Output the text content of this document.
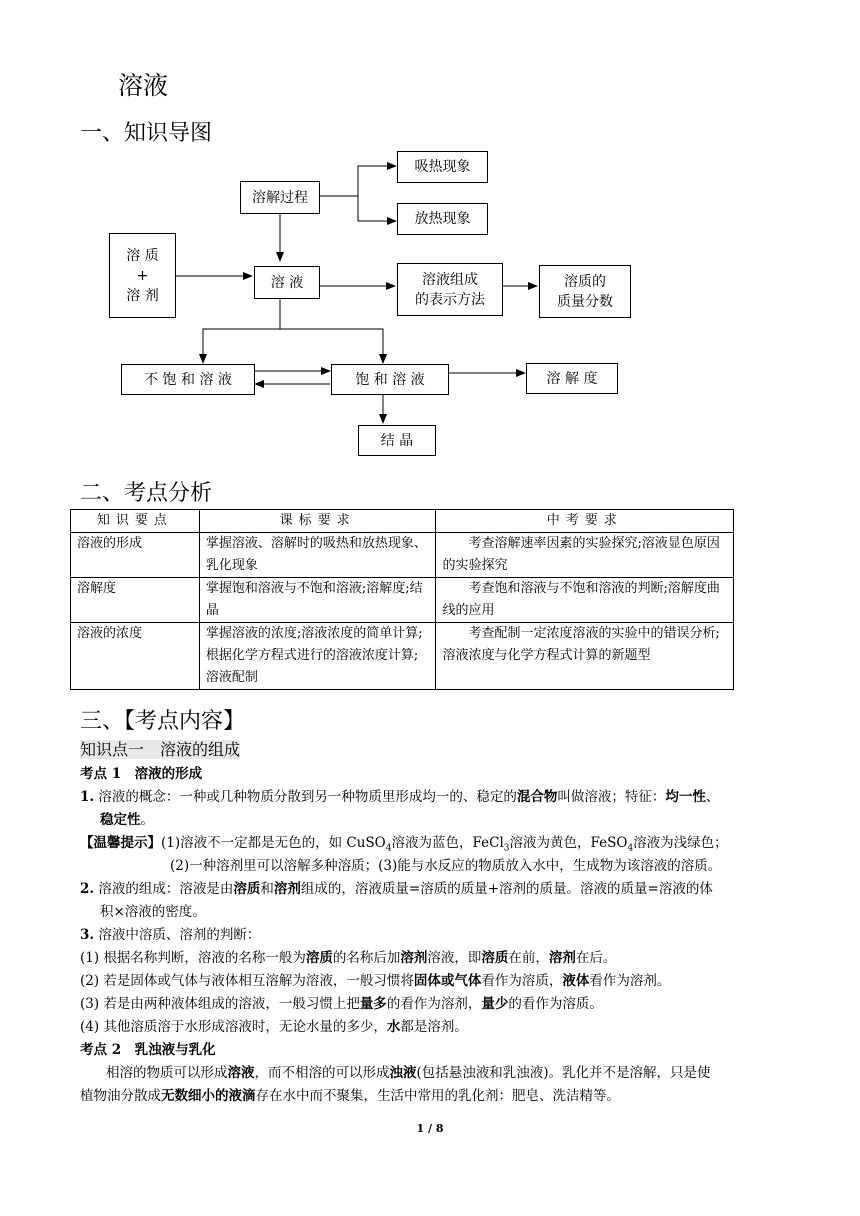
溶液
一、知识导图
溶解过程
吸热现象
放热现象
溶 质
+
溶 剂
溶 液	溶液组成
的表示方法
溶质的
质量分数
不 饱 和 溶 液	饱 和 溶 液	溶 解 度
结 晶
二、考点分析
知识要点	课标要求	中考要求
溶液的形成	掌握溶液、溶解时的吸热和放热现象、乳化现象	考查溶解速率因素的实验探究;溶液显色原因的实验探究
溶解度	掌握饱和溶液与不饱和溶液;溶解度;结晶	考查饱和溶液与不饱和溶液的判断;溶解度曲线的应用
溶液的浓度	掌握溶液的浓度;溶液浓度的简单计算;根据化学方程式进行的溶液浓度计算;溶液配制	考查配制一定浓度溶液的实验中的错误分析;溶液浓度与化学方程式计算的新题型
三、【考点内容】
知识点一　溶液的组成
考点 1　溶液的形成
1. 溶液的概念：一种或几种物质分散到另一种物质里形成均一的、稳定的混合物叫做溶液；特征：均一性、
稳定性。
【温馨提示】(1)溶液不一定都是无色的，如 CuSO$_4$溶液为蓝色，FeCl$_3$溶液为黄色，FeSO$_4$溶液为浅绿色；
(2)一种溶剂里可以溶解多种溶质；(3)能与水反应的物质放入水中，生成物为该溶液的溶质。
2. 溶液的组成：溶液是由溶质和溶剂组成的，溶液质量=溶质的质量+溶剂的质量。溶液的质量=溶液的体
积×溶液的密度。
3. 溶液中溶质、溶剂的判断：
(1) 根据名称判断，溶液的名称一般为溶质的名称后加溶剂溶液，即溶质在前，溶剂在后。
(2) 若是固体或气体与液体相互溶解为溶液，一般习惯将固体或气体看作为溶质，液体看作为溶剂。
(3) 若是由两种液体组成的溶液，一般习惯上把量多的看作为溶剂，量少的看作为溶质。
(4) 其他溶质溶于水形成溶液时，无论水量的多少，水都是溶剂。
考点 2　乳浊液与乳化
相溶的物质可以形成溶液，而不相溶的可以形成浊液(包括悬浊液和乳浊液)。乳化并不是溶解，只是使
植物油分散成无数细小的液滴存在水中而不聚集，生活中常用的乳化剂：肥皂、洗洁精等。
1 / 8
